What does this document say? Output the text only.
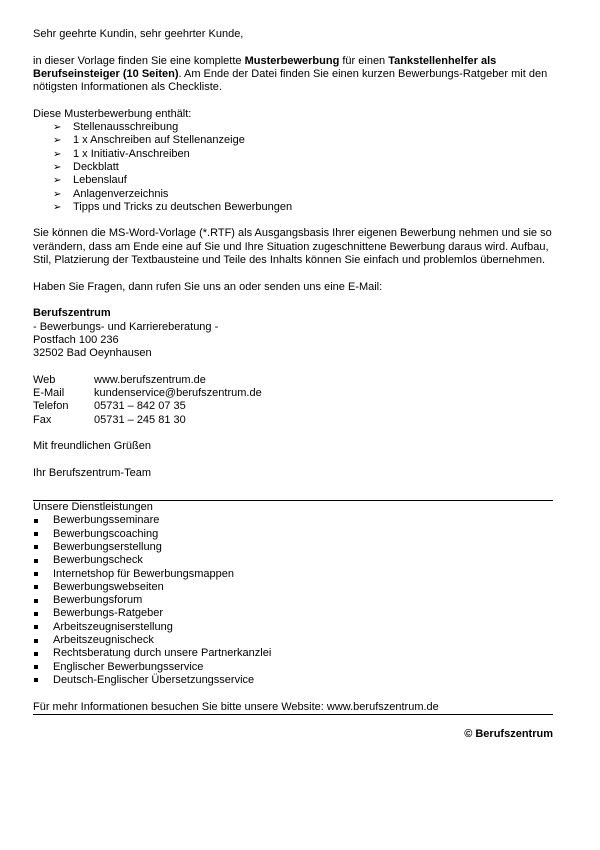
Sehr geehrte Kundin, sehr geehrter Kunde,

in dieser Vorlage finden Sie eine komplette Musterbewerbung für einen Tankstellenhelfer als Berufseinsteiger (10 Seiten). Am Ende der Datei finden Sie einen kurzen Bewerbungs-Ratgeber mit den nötigsten Informationen als Checkliste.

Diese Musterbewerbung enthält:

➢ Stellenausschreibung
➢ 1 x Anschreiben auf Stellenanzeige
➢ 1 x Initiativ-Anschreiben
➢ Deckblatt
➢ Lebenslauf
➢ Anlagenverzeichnis
➢ Tipps und Tricks zu deutschen Bewerbungen

Sie können die MS-Word-Vorlage (*.RTF) als Ausgangsbasis Ihrer eigenen Bewerbung nehmen und sie so verändern, dass am Ende eine auf Sie und Ihre Situation zugeschnittene Bewerbung daraus wird. Aufbau, Stil, Platzierung der Textbausteine und Teile des Inhalts können Sie einfach und problemlos übernehmen.

Haben Sie Fragen, dann rufen Sie uns an oder senden uns eine E-Mail:

Berufszentrum

- Bewerbungs- und Karriereberatung -

Postfach 100 236

32502 Bad Oeynhausen

Web	www.berufszentrum.de
E-Mail	kundenservice@berufszentrum.de
Telefon	05731 – 842 07 35
Fax	05731 – 245 81 30

Mit freundlichen Grüßen

Ihr Berufszentrum-Team

Unsere Dienstleistungen

Bewerbungsseminare
Bewerbungscoaching
Bewerbungserstellung
Bewerbungscheck
Internetshop für Bewerbungsmappen
Bewerbungswebseiten
Bewerbungsforum
Bewerbungs-Ratgeber
Arbeitszeugniserstellung
Arbeitszeugnischeck
Rechtsberatung durch unsere Partnerkanzlei
Englischer Bewerbungsservice
Deutsch-Englischer Übersetzungsservice

Für mehr Informationen besuchen Sie bitte unsere Website: www.berufszentrum.de

© Berufszentrum
